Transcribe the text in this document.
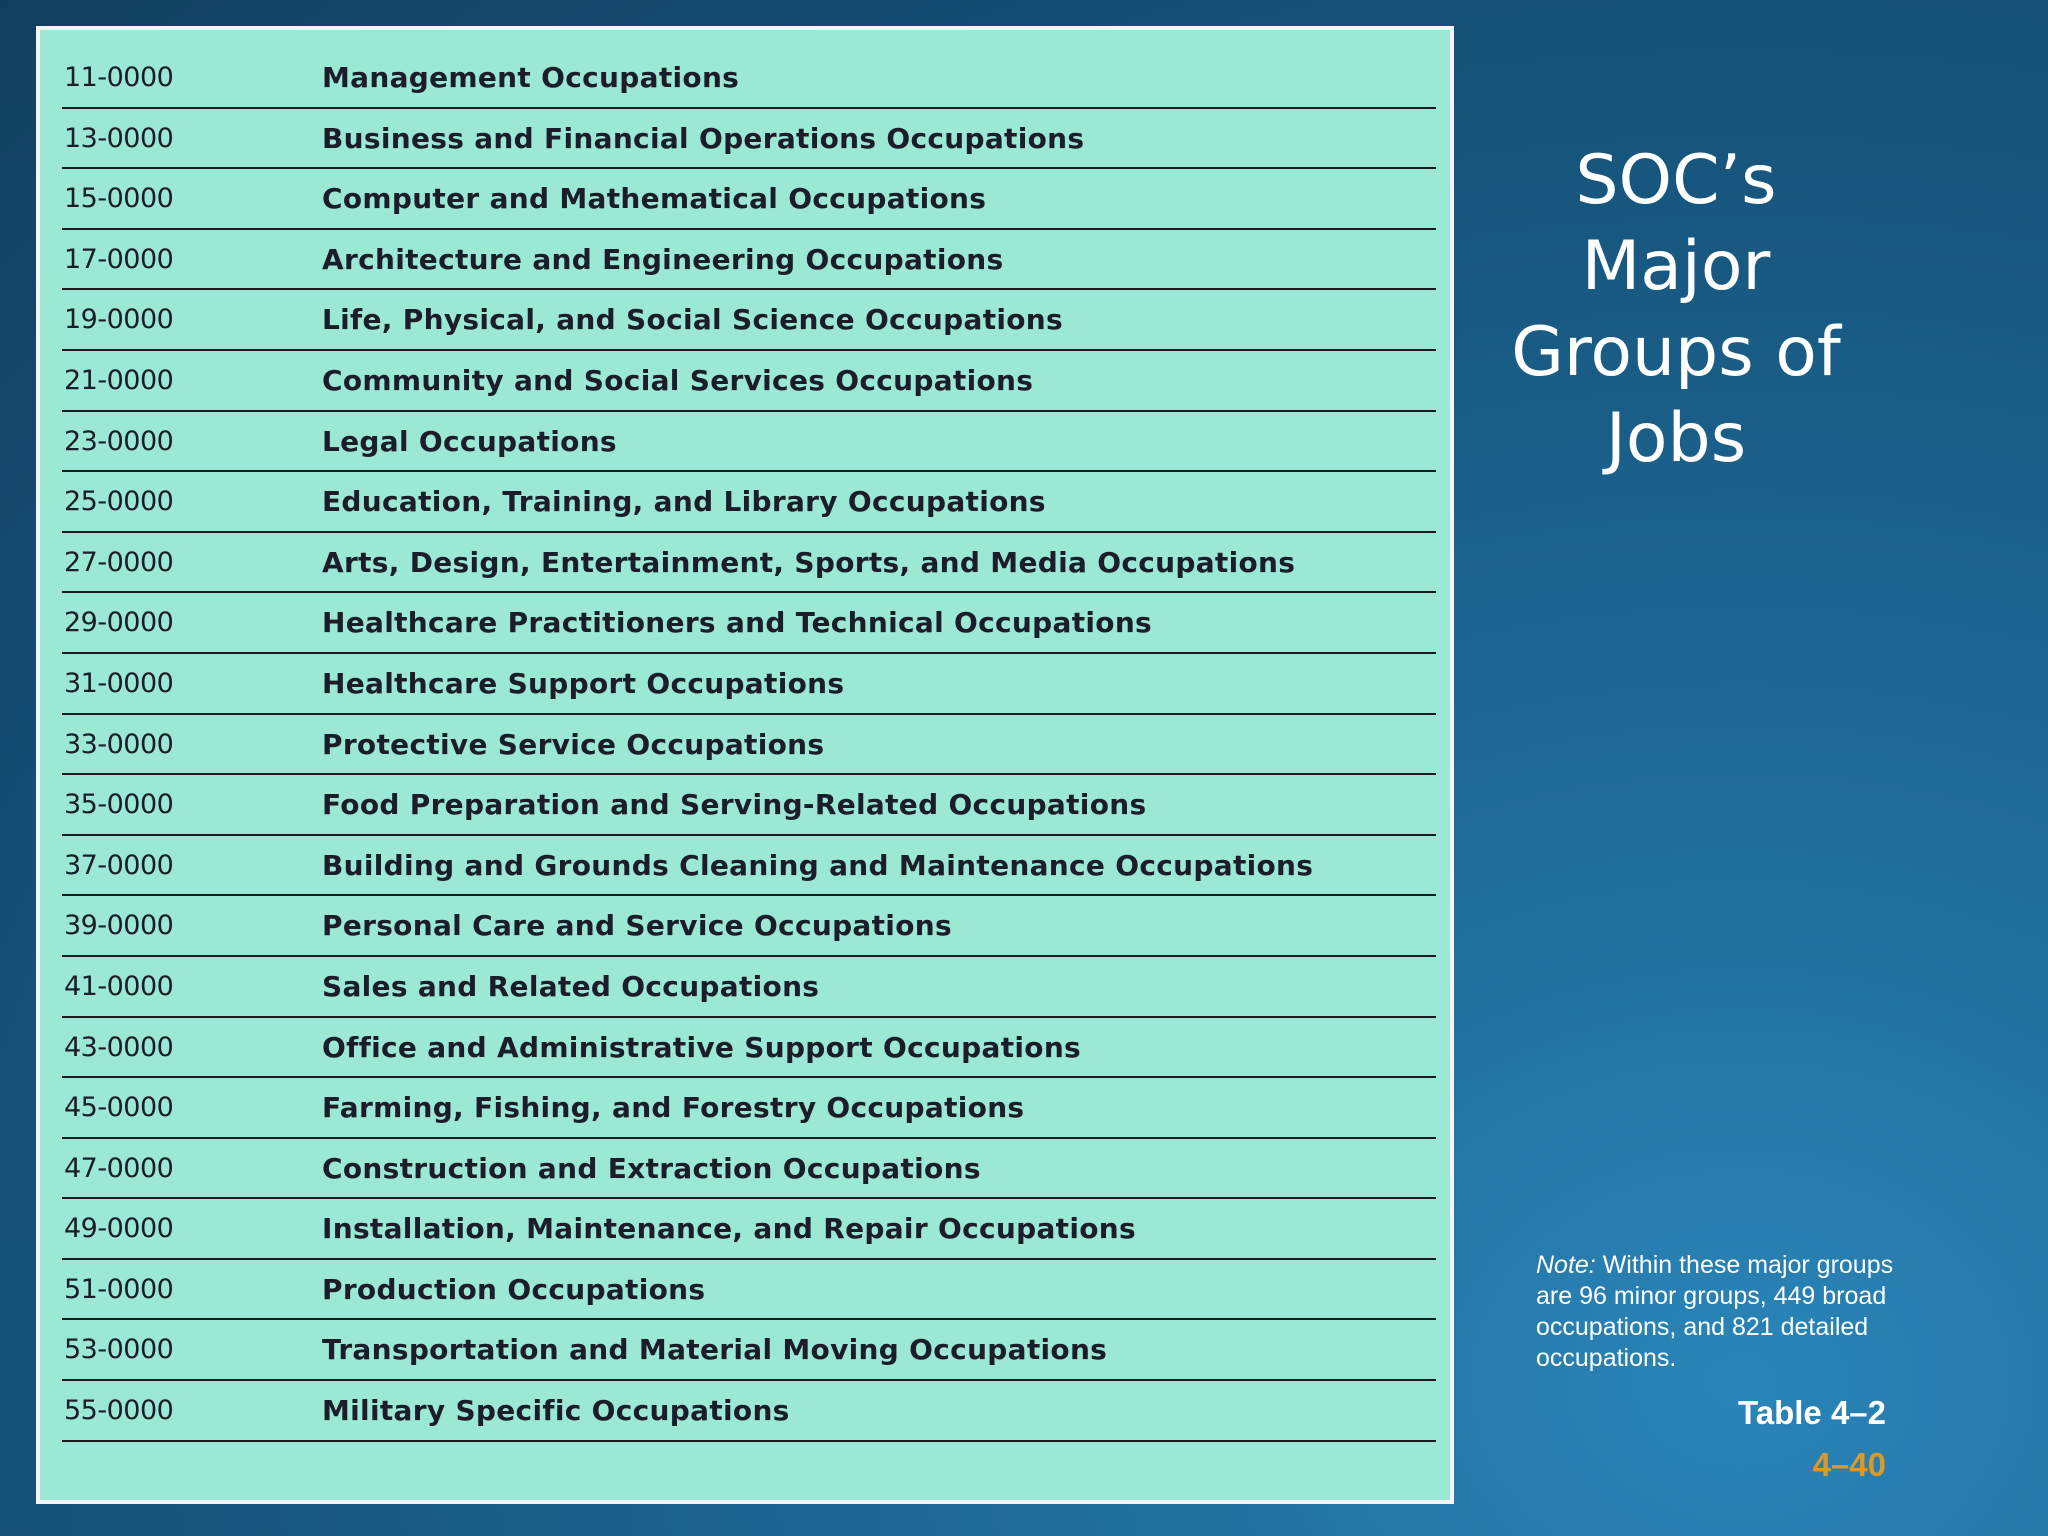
11-0000	Management Occupations
13-0000	Business and Financial Operations Occupations
15-0000	Computer and Mathematical Occupations
17-0000	Architecture and Engineering Occupations
19-0000	Life, Physical, and Social Science Occupations
21-0000	Community and Social Services Occupations
23-0000	Legal Occupations
25-0000	Education, Training, and Library Occupations
27-0000	Arts, Design, Entertainment, Sports, and Media Occupations
29-0000	Healthcare Practitioners and Technical Occupations
31-0000	Healthcare Support Occupations
33-0000	Protective Service Occupations
35-0000	Food Preparation and Serving-Related Occupations
37-0000	Building and Grounds Cleaning and Maintenance Occupations
39-0000	Personal Care and Service Occupations
41-0000	Sales and Related Occupations
43-0000	Office and Administrative Support Occupations
45-0000	Farming, Fishing, and Forestry Occupations
47-0000	Construction and Extraction Occupations
49-0000	Installation, Maintenance, and Repair Occupations
51-0000	Production Occupations
53-0000	Transportation and Material Moving Occupations
55-0000	Military Specific Occupations
SOC’s
Major
Groups of
Jobs
Note: Within these major groups are 96 minor groups, 449 broad occupations, and 821 detailed occupations.
Table 4–2
4–40
